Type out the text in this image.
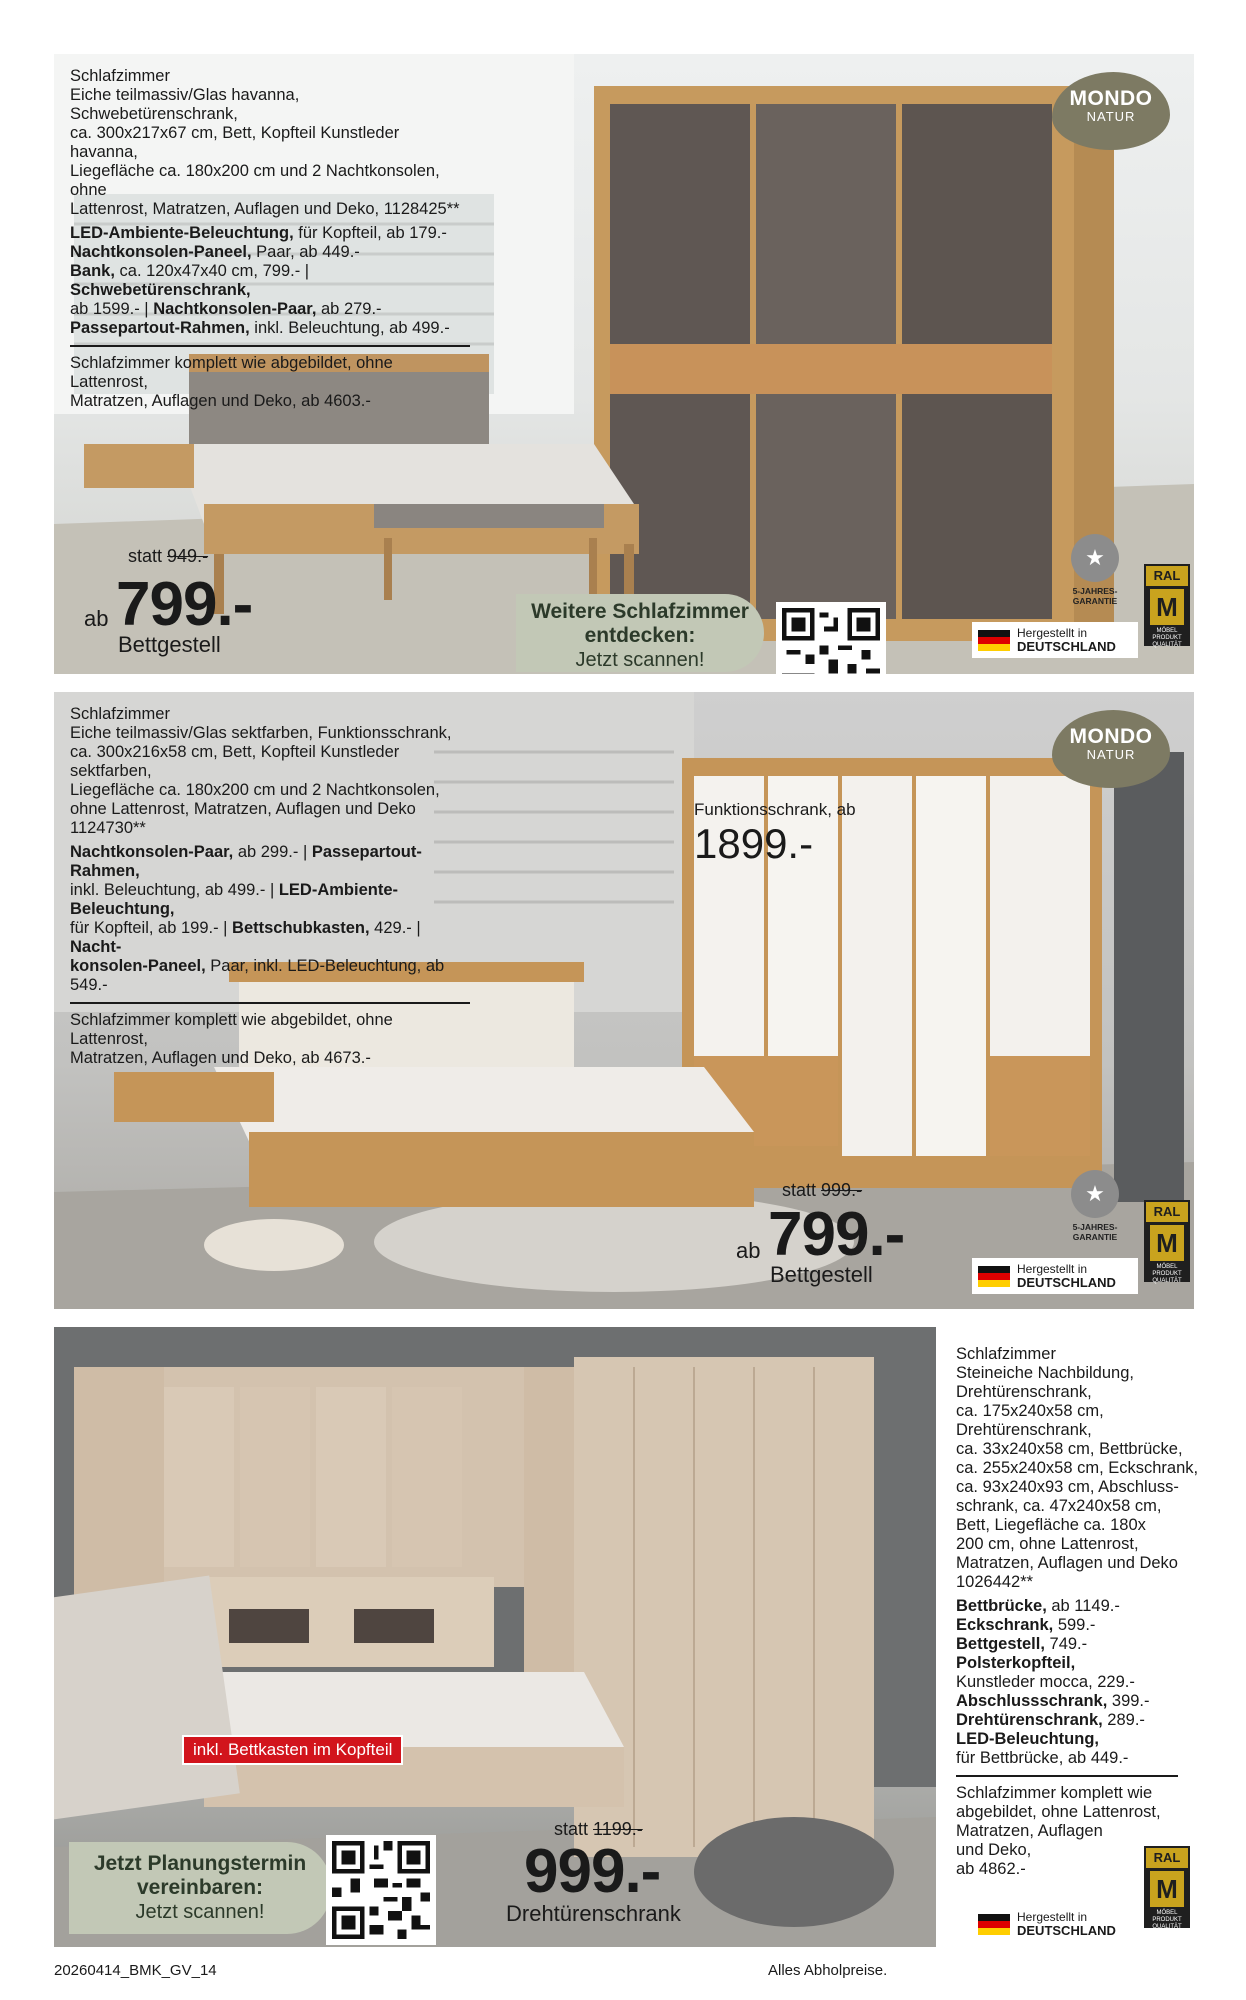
Schlafzimmer

Eiche teilmassiv/Glas havanna, Schwebetürenschrank,

ca. 300x217x67 cm, Bett, Kopfteil Kunstleder havanna,

Liegefläche ca. 180x200 cm und 2 Nachtkonsolen, ohne

Lattenrost, Matratzen, Auflagen und Deko, 1128425**

LED-Ambiente-Beleuchtung, für Kopfteil, ab 179.-

Nachtkonsolen-Paneel, Paar, ab 449.-

Bank, ca. 120x47x40 cm, 799.- | Schwebetürenschrank,

ab 1599.- | Nachtkonsolen-Paar, ab 279.-

Passepartout-Rahmen, inkl. Beleuchtung, ab 499.-

Schlafzimmer komplett wie abgebildet, ohne Lattenrost,

Matratzen, Auflagen und Deko, ab 4603.-

MONDO
NATUR
statt 949.-
ab 799.-
Bettgestell
Weitere Schlafzimmer
entdecken:
Jetzt scannen!
★
5-JAHRES-
GARANTIE
RAL
M
MÖBEL
PRODUKT
QUALITÄT
Hergestellt in
DEUTSCHLAND

Schlafzimmer

Eiche teilmassiv/Glas sektfarben, Funktionsschrank,

ca. 300x216x58 cm, Bett, Kopfteil Kunstleder sektfarben,

Liegefläche ca. 180x200 cm und 2 Nachtkonsolen,

ohne Lattenrost, Matratzen, Auflagen und Deko

1124730**

Nachtkonsolen-Paar, ab 299.- | Passepartout-Rahmen,

inkl. Beleuchtung, ab 499.- | LED-Ambiente-Beleuchtung,

für Kopfteil, ab 199.- | Bettschubkasten, 429.- | Nacht-

konsolen-Paneel, Paar, inkl. LED-Beleuchtung, ab 549.-

Schlafzimmer komplett wie abgebildet, ohne Lattenrost,

Matratzen, Auflagen und Deko, ab 4673.-

MONDO
NATUR
Funktionsschrank, ab
1899.-
statt 999.-
ab 799.-
Bettgestell
★
5-JAHRES-
GARANTIE
RAL
M
MÖBEL
PRODUKT
QUALITÄT
Hergestellt in
DEUTSCHLAND
inkl. Bettkasten im Kopfteil
Jetzt Planungstermin
vereinbaren:
Jetzt scannen!
statt 1199.-
999.-
Drehtürenschrank

Schlafzimmer

Steineiche Nachbildung,

Drehtürenschrank,

ca. 175x240x58 cm,

Drehtürenschrank,

ca. 33x240x58 cm, Bettbrücke,

ca. 255x240x58 cm, Eckschrank,

ca. 93x240x93 cm, Abschluss-

schrank, ca. 47x240x58 cm,

Bett, Liegefläche ca. 180x

200 cm, ohne Lattenrost,

Matratzen, Auflagen und Deko

1026442**

Bettbrücke, ab 1149.-

Eckschrank, 599.-

Bettgestell, 749.-

Polsterkopfteil,

Kunstleder mocca, 229.-

Abschlussschrank, 399.-

Drehtürenschrank, 289.-

LED-Beleuchtung,

für Bettbrücke, ab 449.-

Schlafzimmer komplett wie

abgebildet, ohne Lattenrost,

Matratzen, Auflagen

und Deko,

ab 4862.-

RAL
M
MÖBEL
PRODUKT
QUALITÄT
Hergestellt in
DEUTSCHLAND
20260414_BMK_GV_14	Alles Abholpreise.
